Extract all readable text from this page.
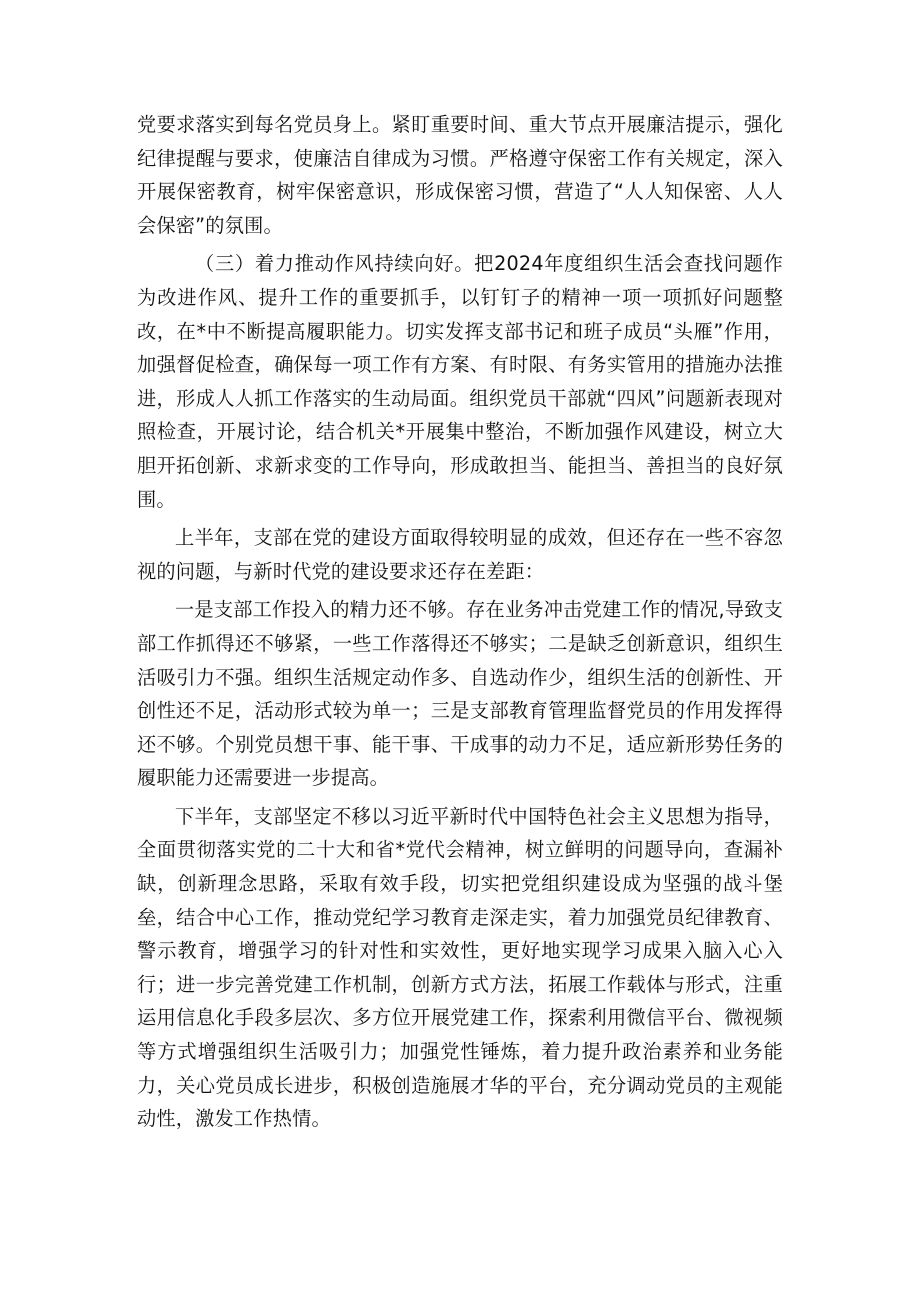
党要求落实到每名党员身上。紧盯重要时间、重大节点开展廉洁提示，强化纪律提醒与要求，使廉洁自律成为习惯。严格遵守保密工作有关规定，深入开展保密教育，树牢保密意识，形成保密习惯，营造了“人人知保密、人人会保密”的氛围。

（三）着力推动作风持续向好。把2024年度组织生活会查找问题作为改进作风、提升工作的重要抓手，以钉钉子的精神一项一项抓好问题整改，在*中不断提高履职能力。切实发挥支部书记和班子成员“头雁”作用，加强督促检查，确保每一项工作有方案、有时限、有务实管用的措施办法推进，形成人人抓工作落实的生动局面。组织党员干部就“四风”问题新表现对照检查，开展讨论，结合机关*开展集中整治，不断加强作风建设，树立大胆开拓创新、求新求变的工作导向，形成敢担当、能担当、善担当的良好氛围。

上半年，支部在党的建设方面取得较明显的成效，但还存在一些不容忽视的问题，与新时代党的建设要求还存在差距：

一是支部工作投入的精力还不够。存在业务冲击党建工作的情况,导致支部工作抓得还不够紧，一些工作落得还不够实；二是缺乏创新意识，组织生活吸引力不强。组织生活规定动作多、自选动作少，组织生活的创新性、开创性还不足，活动形式较为单一；三是支部教育管理监督党员的作用发挥得还不够。个别党员想干事、能干事、干成事的动力不足，适应新形势任务的履职能力还需要进一步提高。

下半年，支部坚定不移以习近平新时代中国特色社会主义思想为指导，全面贯彻落实党的二十大和省*党代会精神，树立鲜明的问题导向，查漏补缺，创新理念思路，采取有效手段，切实把党组织建设成为坚强的战斗堡垒，结合中心工作，推动党纪学习教育走深走实，着力加强党员纪律教育、警示教育，增强学习的针对性和实效性，更好地实现学习成果入脑入心入行；进一步完善党建工作机制，创新方式方法，拓展工作载体与形式，注重运用信息化手段多层次、多方位开展党建工作，探索利用微信平台、微视频等方式增强组织生活吸引力；加强党性锤炼，着力提升政治素养和业务能力，关心党员成长进步，积极创造施展才华的平台，充分调动党员的主观能动性，激发工作热情。
